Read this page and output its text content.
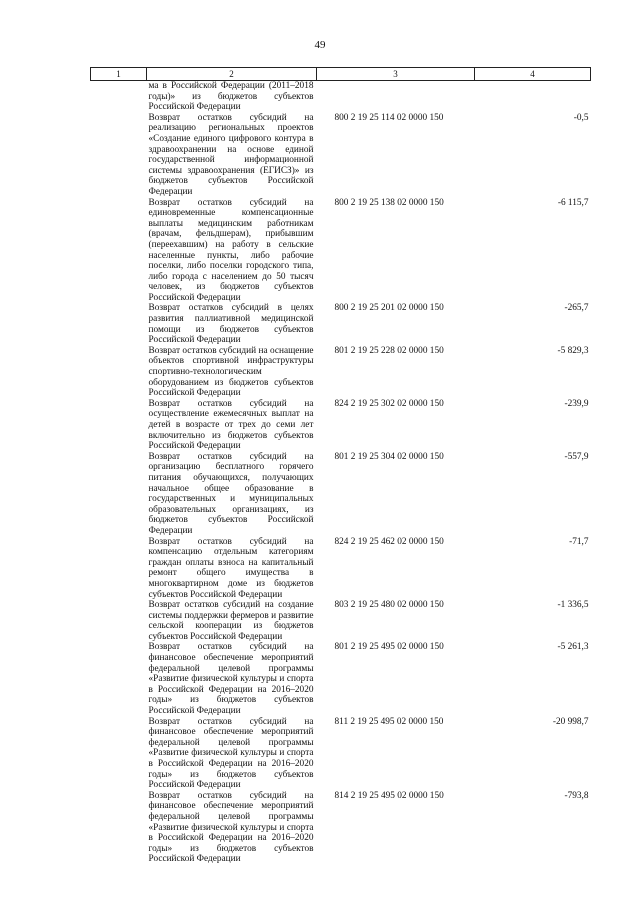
49
1	2	3	4
	ма в Российской Федерации (2011–2018 годы)» из бюджетов субъектов Российской Федерации		
	Возврат остатков субсидий на реализацию региональных проектов «Создание единого цифрового контура в здравоохранении на основе единой государственной информационной системы здравоохранения (ЕГИСЗ)» из бюджетов субъектов Российской Федерации	800 2 19 25 114 02 0000 150	-0,5
	Возврат остатков субсидий на единовременные компенсационные выплаты медицинским работникам (врачам, фельдшерам), прибывшим (переехавшим) на работу в сельские населенные пункты, либо рабочие поселки, либо поселки городского типа, либо города с населением до 50 тысяч человек, из бюджетов субъектов Российской Федерации	800 2 19 25 138 02 0000 150	-6 115,7
	Возврат остатков субсидий в целях развития паллиативной медицинской помощи из бюджетов субъектов Российской Федерации	800 2 19 25 201 02 0000 150	-265,7
	Возврат остатков субсидий на оснащение объектов спортивной инфраструктуры спортивно-технологическим оборудованием из бюджетов субъектов Российской Федерации	801 2 19 25 228 02 0000 150	-5 829,3
	Возврат остатков субсидий на осуществление ежемесячных выплат на детей в возрасте от трех до семи лет включительно из бюджетов субъектов Российской Федерации	824 2 19 25 302 02 0000 150	-239,9
	Возврат остатков субсидий на организацию бесплатного горячего питания обучающихся, получающих начальное общее образование в государственных и муниципальных образовательных организациях, из бюджетов субъектов Российской Федерации	801 2 19 25 304 02 0000 150	-557,9
	Возврат остатков субсидий на компенсацию отдельным категориям граждан оплаты взноса на капитальный ремонт общего имущества в многоквартирном доме из бюджетов субъектов Российской Федерации	824 2 19 25 462 02 0000 150	-71,7
	Возврат остатков субсидий на создание системы поддержки фермеров и развитие сельской кооперации из бюджетов субъектов Российской Федерации	803 2 19 25 480 02 0000 150	-1 336,5
	Возврат остатков субсидий на финансовое обеспечение мероприятий федеральной целевой программы «Развитие физической культуры и спорта в Российской Федерации на 2016–2020 годы» из бюджетов субъектов Российской Федерации	801 2 19 25 495 02 0000 150	-5 261,3
	Возврат остатков субсидий на финансовое обеспечение мероприятий федеральной целевой программы «Развитие физической культуры и спорта в Российской Федерации на 2016–2020 годы» из бюджетов субъектов Российской Федерации	811 2 19 25 495 02 0000 150	-20 998,7
	Возврат остатков субсидий на финансовое обеспечение мероприятий федеральной целевой программы «Развитие физической культуры и спорта в Российской Федерации на 2016–2020 годы» из бюджетов субъектов Российской Федерации	814 2 19 25 495 02 0000 150	-793,8
